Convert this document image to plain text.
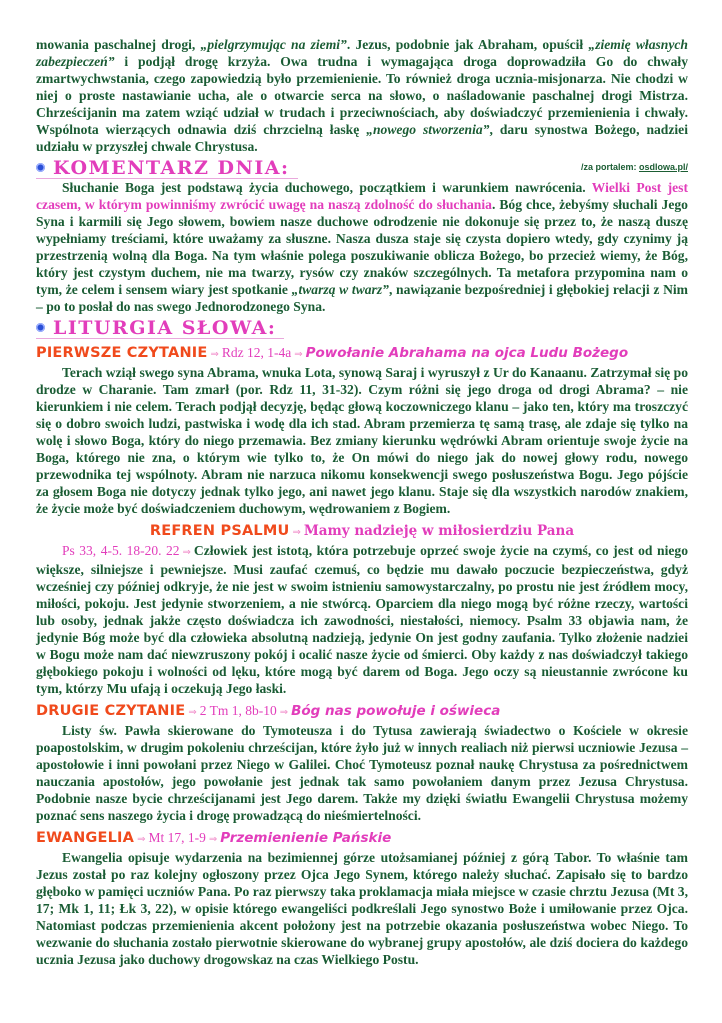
mowania paschalnej drogi, „pielgrzymując na ziemi”. Jezus, podobnie jak Abraham, opuścił „ziemię własnych zabezpieczeń” i podjął drogę krzyża. Owa trudna i wymagająca droga doprowadziła Go do chwały zmartwychwstania, czego zapowiedzią było przemienienie. To również droga ucznia-misjonarza. Nie chodzi w niej o proste nastawianie ucha, ale o otwarcie serca na słowo, o naśladowanie paschalnej drogi Mistrza. Chrześcijanin ma zatem wziąć udział w trudach i przeciwnościach, aby doświadczyć przemienienia i chwały. Wspólnota wierzących odnawia dziś chrzcielną łaskę „nowego stworzenia”, daru synostwa Bożego, nadziei udziału w przyszłej chwale Chrystusa.

KOMENTARZ DNIA:	/za portalem: osdlowa.pl/

Słuchanie Boga jest podstawą życia duchowego, początkiem i warunkiem nawrócenia. Wielki Post jest czasem, w którym powinniśmy zwrócić uwagę na naszą zdolność do słuchania. Bóg chce, żebyśmy słuchali Jego Syna i karmili się Jego słowem, bowiem nasze duchowe odrodzenie nie dokonuje się przez to, że naszą duszę wypełniamy treściami, które uważamy za słuszne. Nasza dusza staje się czysta dopiero wtedy, gdy czynimy ją przestrzenią wolną dla Boga. Na tym właśnie polega poszukiwanie oblicza Bożego, bo przecież wiemy, że Bóg, który jest czystym duchem, nie ma twarzy, rysów czy znaków szczególnych. Ta metafora przypomina nam o tym, że celem i sensem wiary jest spotkanie „twarzą w twarz”, nawiązanie bezpośredniej i głębokiej relacji z Nim – po to posłał do nas swego Jednorodzonego Syna.

LITURGIA SŁOWA:
PIERWSZE CZYTANIE ⇒ Rdz 12, 1-4a ⇒ Powołanie Abrahama na ojca Ludu Bożego

Terach wziął swego syna Abrama, wnuka Lota, synową Saraj i wyruszył z Ur do Kanaanu. Zatrzymał się po drodze w Charanie. Tam zmarł (por. Rdz 11, 31-32). Czym różni się jego droga od drogi Abrama? – nie kierunkiem i nie celem. Terach podjął decyzję, będąc głową koczowniczego klanu – jako ten, który ma troszczyć się o dobro swoich ludzi, pastwiska i wodę dla ich stad. Abram przemierza tę samą trasę, ale zdaje się tylko na wolę i słowo Boga, który do niego przemawia. Bez zmiany kierunku wędrówki Abram orientuje swoje życie na Boga, którego nie zna, o którym wie tylko to, że On mówi do niego jak do nowej głowy rodu, nowego przewodnika tej wspólnoty. Abram nie narzuca nikomu konsekwencji swego posłuszeństwa Bogu. Jego pójście za głosem Boga nie dotyczy jednak tylko jego, ani nawet jego klanu. Staje się dla wszystkich narodów znakiem, że życie może być doświadczeniem duchowym, wędrowaniem z Bogiem.

REFREN PSALMU ⇒ Mamy nadzieję w miłosierdziu Pana

Ps 33, 4-5. 18-20. 22 ⇒ Człowiek jest istotą, która potrzebuje oprzeć swoje życie na czymś, co jest od niego większe, silniejsze i pewniejsze. Musi zaufać czemuś, co będzie mu dawało poczucie bezpieczeństwa, gdyż wcześniej czy później odkryje, że nie jest w swoim istnieniu samowystarczalny, po prostu nie jest źródłem mocy, miłości, pokoju. Jest jedynie stworzeniem, a nie stwórcą. Oparciem dla niego mogą być różne rzeczy, wartości lub osoby, jednak jakże często doświadcza ich zawodności, niestałości, niemocy. Psalm 33 objawia nam, że jedynie Bóg może być dla człowieka absolutną nadzieją, jedynie On jest godny zaufania. Tylko złożenie nadziei w Bogu może nam dać niewzruszony pokój i ocalić nasze życie od śmierci. Oby każdy z nas doświadczył takiego głębokiego pokoju i wolności od lęku, które mogą być darem od Boga. Jego oczy są nieustannie zwrócone ku tym, którzy Mu ufają i oczekują Jego łaski.

DRUGIE CZYTANIE ⇒ 2 Tm 1, 8b-10 ⇒ Bóg nas powołuje i oświeca

Listy św. Pawła skierowane do Tymoteusza i do Tytusa zawierają świadectwo o Kościele w okresie poapostolskim, w drugim pokoleniu chrześcijan, które żyło już w innych realiach niż pierwsi uczniowie Jezusa – apostołowie i inni powołani przez Niego w Galilei. Choć Tymoteusz poznał naukę Chrystusa za pośrednictwem nauczania apostołów, jego powołanie jest jednak tak samo powołaniem danym przez Jezusa Chrystusa. Podobnie nasze bycie chrześcijanami jest Jego darem. Także my dzięki światłu Ewangelii Chrystusa możemy poznać sens naszego życia i drogę prowadzącą do nieśmiertelności.

EWANGELIA ⇒ Mt 17, 1-9 ⇒ Przemienienie Pańskie

Ewangelia opisuje wydarzenia na bezimiennej górze utożsamianej później z górą Tabor. To właśnie tam Jezus został po raz kolejny ogłoszony przez Ojca Jego Synem, którego należy słuchać. Zapisało się to bardzo głęboko w pamięci uczniów Pana. Po raz pierwszy taka proklamacja miała miejsce w czasie chrztu Jezusa (Mt 3, 17; Mk 1, 11; Łk 3, 22), w opisie którego ewangeliści podkreślali Jego synostwo Boże i umiłowanie przez Ojca. Natomiast podczas przemienienia akcent położony jest na potrzebie okazania posłuszeństwa wobec Niego. To wezwanie do słuchania zostało pierwotnie skierowane do wybranej grupy apostołów, ale dziś dociera do każdego ucznia Jezusa jako duchowy drogowskaz na czas Wielkiego Postu.
